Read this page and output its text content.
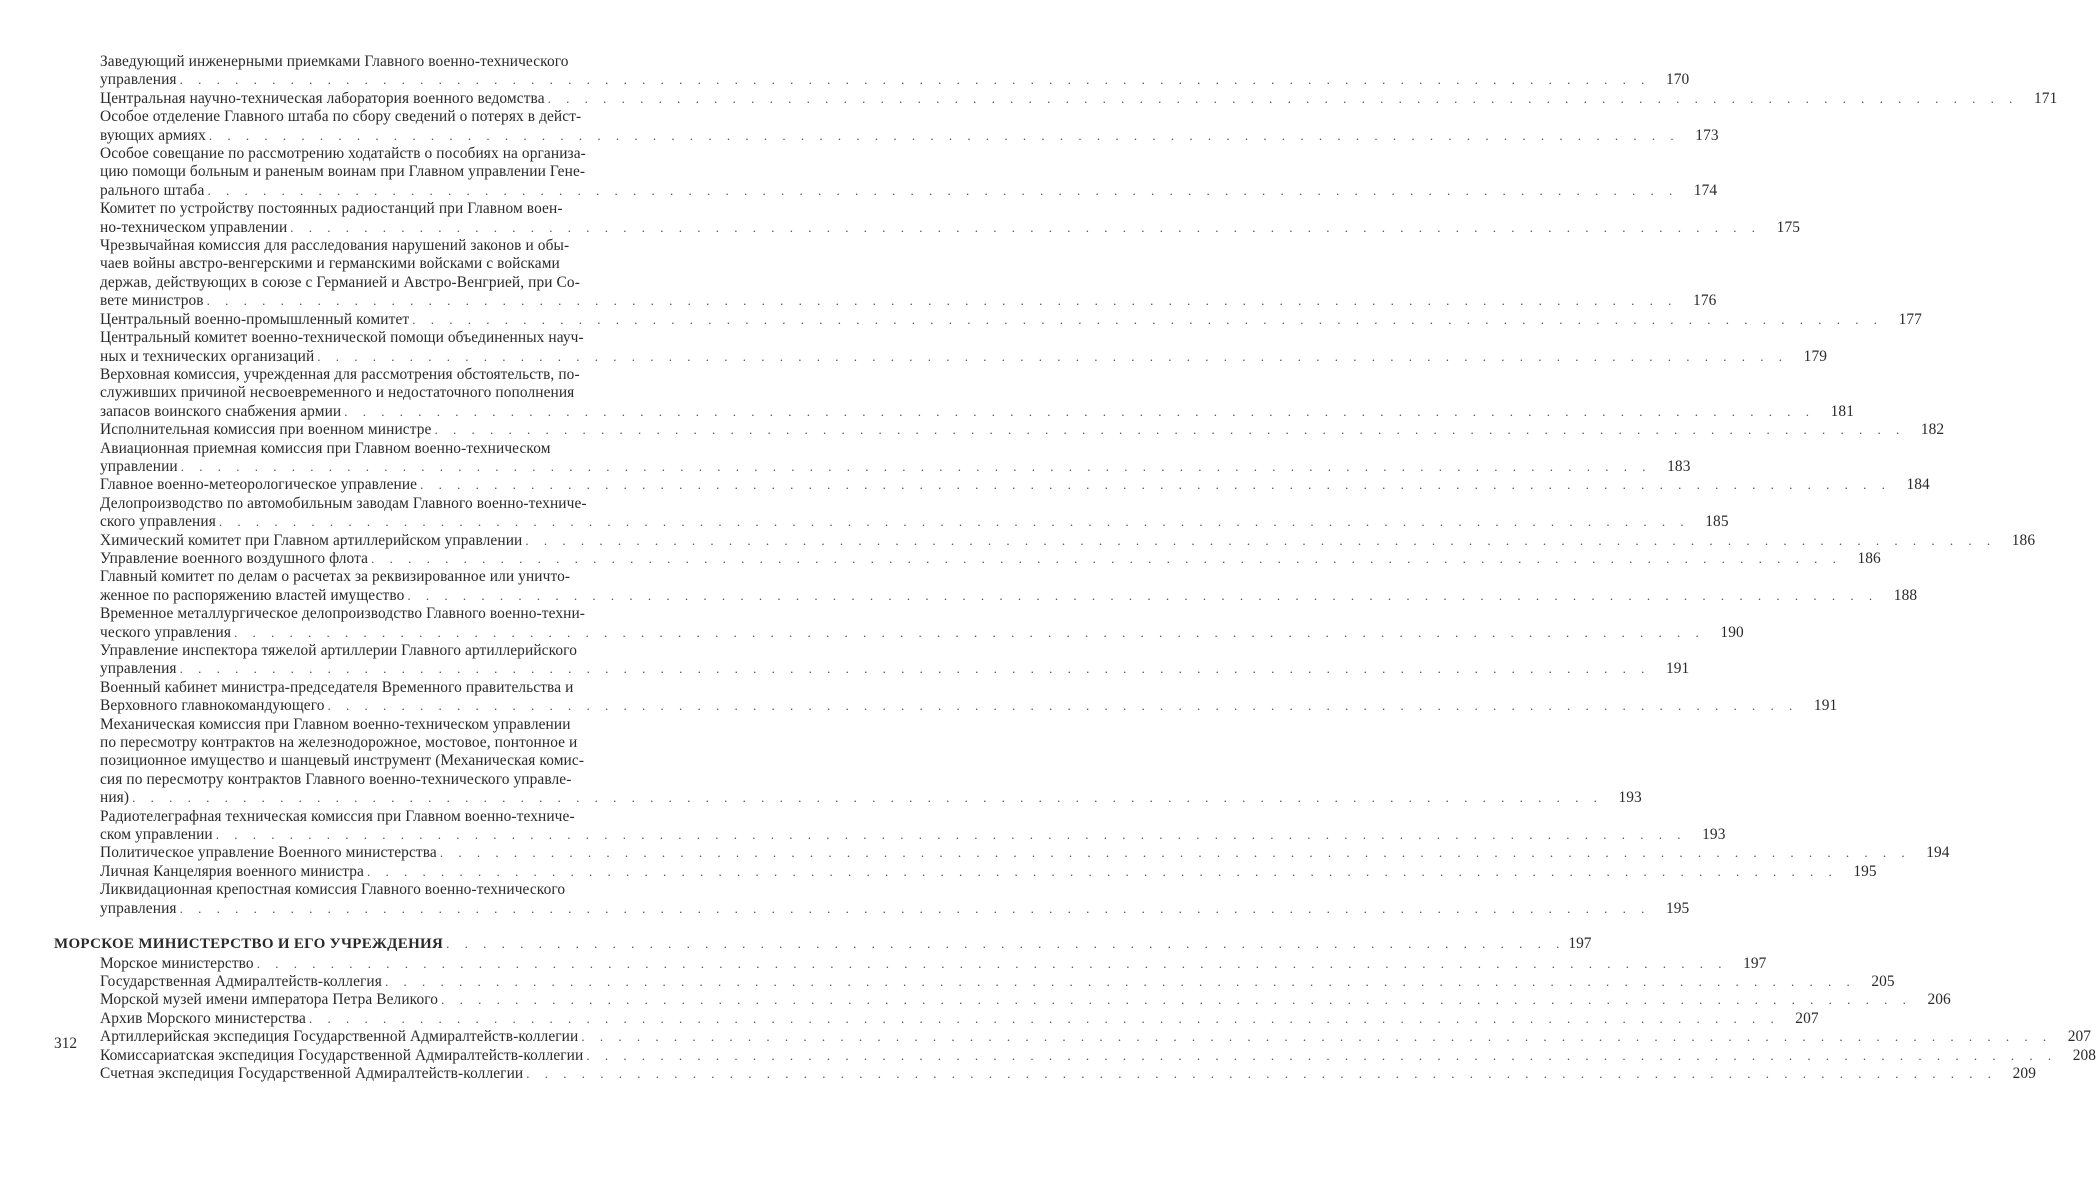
Заведующий инженерными приемками Главного военно-технического
управления . . . . . . . . . . . . . . . . . . . . . . . . . . . . . . . . . . . . . . . . . . . . . . . . . . . . . . . . . . . . . . . . . . . . . . . . . . . . . . . .	170
Центральная научно-техническая лаборатория военного ведомства . . . . . . . . . . . . . . . . . . . . . . . . . . . . . . . . . . . . . . . . . . . . . . . . . . . . . . . . . . . . . . . . . . . . . . . . . . . . . . . .	171
Особое отделение Главного штаба по сбору сведений о потерях в дейст-
вующих армиях . . . . . . . . . . . . . . . . . . . . . . . . . . . . . . . . . . . . . . . . . . . . . . . . . . . . . . . . . . . . . . . . . . . . . . . . . . . . . . . .	173
Особое совещание по рассмотрению ходатайств о пособиях на организа-
цию помощи больным и раненым воинам при Главном управлении Гене-
рального штаба . . . . . . . . . . . . . . . . . . . . . . . . . . . . . . . . . . . . . . . . . . . . . . . . . . . . . . . . . . . . . . . . . . . . . . . . . . . . . . . .	174
Комитет по устройству постоянных радиостанций при Главном воен-
но-техническом управлении . . . . . . . . . . . . . . . . . . . . . . . . . . . . . . . . . . . . . . . . . . . . . . . . . . . . . . . . . . . . . . . . . . . . . . . . . . . . . . . .	175
Чрезвычайная комиссия для расследования нарушений законов и обы-
чаев войны австро-венгерскими и германскими войсками с войсками
держав, действующих в союзе с Германией и Австро-Венгрией, при Со-
вете министров . . . . . . . . . . . . . . . . . . . . . . . . . . . . . . . . . . . . . . . . . . . . . . . . . . . . . . . . . . . . . . . . . . . . . . . . . . . . . . . .	176
Центральный военно-промышленный комитет . . . . . . . . . . . . . . . . . . . . . . . . . . . . . . . . . . . . . . . . . . . . . . . . . . . . . . . . . . . . . . . . . . . . . . . . . . . . . . . .	177
Центральный комитет военно-технической помощи объединенных науч-
ных и технических организаций . . . . . . . . . . . . . . . . . . . . . . . . . . . . . . . . . . . . . . . . . . . . . . . . . . . . . . . . . . . . . . . . . . . . . . . . . . . . . . . .	179
Верховная комиссия, учрежденная для рассмотрения обстоятельств, по-
служивших причиной несвоевременного и недостаточного пополнения
запасов воинского снабжения армии . . . . . . . . . . . . . . . . . . . . . . . . . . . . . . . . . . . . . . . . . . . . . . . . . . . . . . . . . . . . . . . . . . . . . . . . . . . . . . . .	181
Исполнительная комиссия при военном министре . . . . . . . . . . . . . . . . . . . . . . . . . . . . . . . . . . . . . . . . . . . . . . . . . . . . . . . . . . . . . . . . . . . . . . . . . . . . . . . .	182
Авиационная приемная комиссия при Главном военно-техническом
управлении . . . . . . . . . . . . . . . . . . . . . . . . . . . . . . . . . . . . . . . . . . . . . . . . . . . . . . . . . . . . . . . . . . . . . . . . . . . . . . . .	183
Главное военно-метеорологическое управление . . . . . . . . . . . . . . . . . . . . . . . . . . . . . . . . . . . . . . . . . . . . . . . . . . . . . . . . . . . . . . . . . . . . . . . . . . . . . . . .	184
Делопроизводство по автомобильным заводам Главного военно-техниче-
ского управления . . . . . . . . . . . . . . . . . . . . . . . . . . . . . . . . . . . . . . . . . . . . . . . . . . . . . . . . . . . . . . . . . . . . . . . . . . . . . . . .	185
Химический комитет при Главном артиллерийском управлении . . . . . . . . . . . . . . . . . . . . . . . . . . . . . . . . . . . . . . . . . . . . . . . . . . . . . . . . . . . . . . . . . . . . . . . . . . . . . . . .	186
Управление военного воздушного флота . . . . . . . . . . . . . . . . . . . . . . . . . . . . . . . . . . . . . . . . . . . . . . . . . . . . . . . . . . . . . . . . . . . . . . . . . . . . . . . .	186
Главный комитет по делам о расчетах за реквизированное или уничто-
женное по распоряжению властей имущество . . . . . . . . . . . . . . . . . . . . . . . . . . . . . . . . . . . . . . . . . . . . . . . . . . . . . . . . . . . . . . . . . . . . . . . . . . . . . . . .	188
Временное металлургическое делопроизводство Главного военно-техни-
ческого управления . . . . . . . . . . . . . . . . . . . . . . . . . . . . . . . . . . . . . . . . . . . . . . . . . . . . . . . . . . . . . . . . . . . . . . . . . . . . . . . .	190
Управление инспектора тяжелой артиллерии Главного артиллерийского
управления . . . . . . . . . . . . . . . . . . . . . . . . . . . . . . . . . . . . . . . . . . . . . . . . . . . . . . . . . . . . . . . . . . . . . . . . . . . . . . . .	191
Военный кабинет министра-председателя Временного правительства и
Верховного главнокомандующего . . . . . . . . . . . . . . . . . . . . . . . . . . . . . . . . . . . . . . . . . . . . . . . . . . . . . . . . . . . . . . . . . . . . . . . . . . . . . . . .	191
Механическая комиссия при Главном военно-техническом управлении
по пересмотру контрактов на железнодорожное, мостовое, понтонное и
позиционное имущество и шанцевый инструмент (Механическая комис-
сия по пересмотру контрактов Главного военно-технического управле-
ния) . . . . . . . . . . . . . . . . . . . . . . . . . . . . . . . . . . . . . . . . . . . . . . . . . . . . . . . . . . . . . . . . . . . . . . . . . . . . . . . .	193
Радиотелеграфная техническая комиссия при Главном военно-техниче-
ском управлении . . . . . . . . . . . . . . . . . . . . . . . . . . . . . . . . . . . . . . . . . . . . . . . . . . . . . . . . . . . . . . . . . . . . . . . . . . . . . . . .	193
Политическое управление Военного министерства . . . . . . . . . . . . . . . . . . . . . . . . . . . . . . . . . . . . . . . . . . . . . . . . . . . . . . . . . . . . . . . . . . . . . . . . . . . . . . . .	194
Личная Канцелярия военного министра . . . . . . . . . . . . . . . . . . . . . . . . . . . . . . . . . . . . . . . . . . . . . . . . . . . . . . . . . . . . . . . . . . . . . . . . . . . . . . . .	195
Ликвидационная крепостная комиссия Главного военно-технического
управления . . . . . . . . . . . . . . . . . . . . . . . . . . . . . . . . . . . . . . . . . . . . . . . . . . . . . . . . . . . . . . . . . . . . . . . . . . . . . . . .	195
МОРСКОЕ МИНИСТЕРСТВО И ЕГО УЧРЕЖДЕНИЯ . . . . . . . . . . . . . . . . . . . . . . . . . . . . . . . . . . . . . . . . . . . . . . . . . . . . . . . . . . . . . 197
Морское министерство . . . . . . . . . . . . . . . . . . . . . . . . . . . . . . . . . . . . . . . . . . . . . . . . . . . . . . . . . . . . . . . . . . . . . . . . . . . . . . . .	197
Государственная Адмиралтейств-коллегия . . . . . . . . . . . . . . . . . . . . . . . . . . . . . . . . . . . . . . . . . . . . . . . . . . . . . . . . . . . . . . . . . . . . . . . . . . . . . . . .	205
Морской музей имени императора Петра Великого . . . . . . . . . . . . . . . . . . . . . . . . . . . . . . . . . . . . . . . . . . . . . . . . . . . . . . . . . . . . . . . . . . . . . . . . . . . . . . . .	206
Архив Морского министерства . . . . . . . . . . . . . . . . . . . . . . . . . . . . . . . . . . . . . . . . . . . . . . . . . . . . . . . . . . . . . . . . . . . . . . . . . . . . . . . .	207
Артиллерийская экспедиция Государственной Адмиралтейств-коллегии . . . . . . . . . . . . . . . . . . . . . . . . . . . . . . . . . . . . . . . . . . . . . . . . . . . . . . . . . . . . . . . . . . . . . . . . . . . . . . . .	207
Комиссариатская экспедиция Государственной Адмиралтейств-коллегии . . . . . . . . . . . . . . . . . . . . . . . . . . . . . . . . . . . . . . . . . . . . . . . . . . . . . . . . . . . . . . . . . . . . . . . . . . . . . . . .	208
Счетная экспедиция Государственной Адмиралтейств-коллегии . . . . . . . . . . . . . . . . . . . . . . . . . . . . . . . . . . . . . . . . . . . . . . . . . . . . . . . . . . . . . . . . . . . . . . . . . . . . . . . .	209
312
